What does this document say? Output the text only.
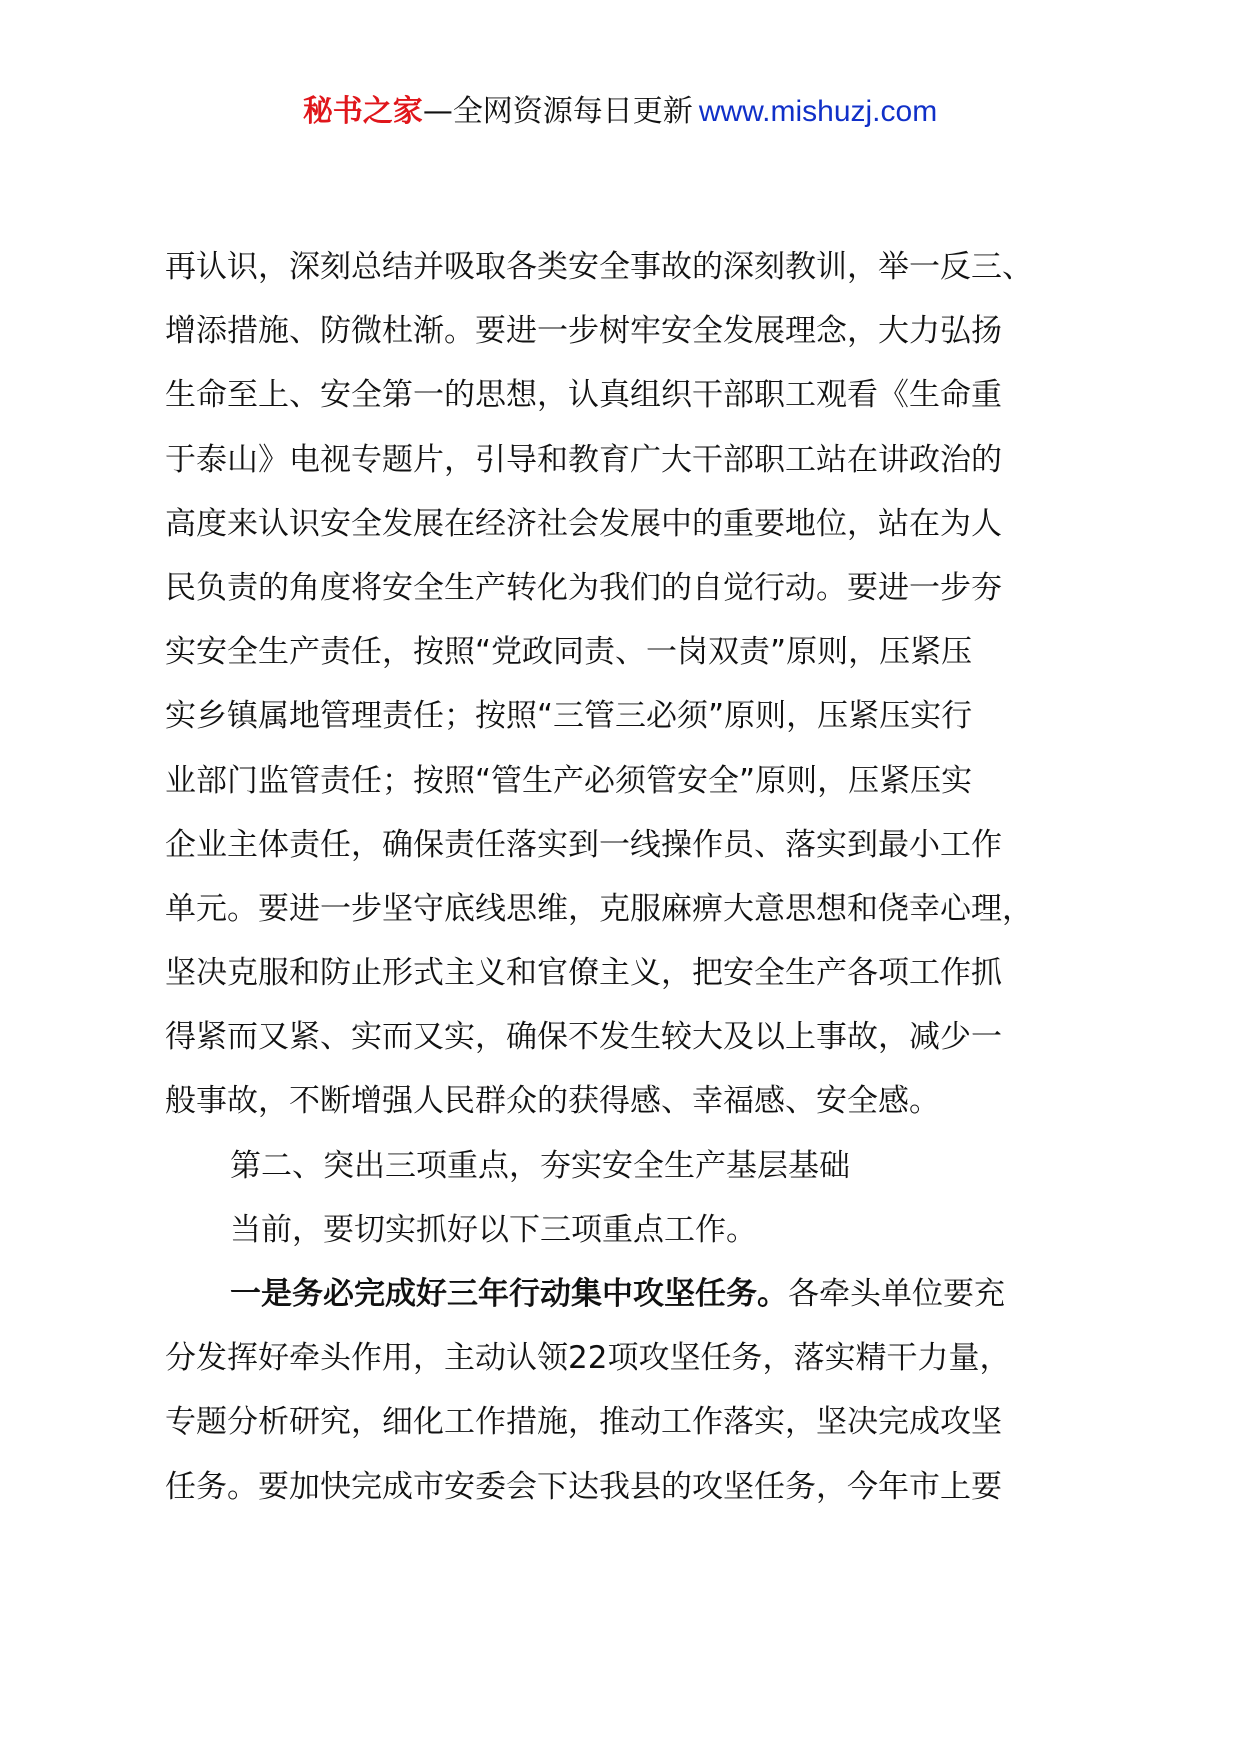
秘书之家—全网资源每日更新 www.mishuzj.com
再认识，深刻总结并吸取各类安全事故的深刻教训，举一反三、
增添措施、防微杜渐。要进一步树牢安全发展理念，大力弘扬
生命至上、安全第一的思想，认真组织干部职工观看《生命重
于泰山》电视专题片，引导和教育广大干部职工站在讲政治的
高度来认识安全发展在经济社会发展中的重要地位，站在为人
民负责的角度将安全生产转化为我们的自觉行动。要进一步夯
实安全生产责任，按照“党政同责、一岗双责”原则，压紧压
实乡镇属地管理责任；按照“三管三必须”原则，压紧压实行
业部门监管责任；按照“管生产必须管安全”原则，压紧压实
企业主体责任，确保责任落实到一线操作员、落实到最小工作
单元。要进一步坚守底线思维，克服麻痹大意思想和侥幸心理，
坚决克服和防止形式主义和官僚主义，把安全生产各项工作抓
得紧而又紧、实而又实，确保不发生较大及以上事故，减少一
般事故，不断增强人民群众的获得感、幸福感、安全感。
第二、突出三项重点，夯实安全生产基层基础
当前，要切实抓好以下三项重点工作。
一是务必完成好三年行动集中攻坚任务。各牵头单位要充
分发挥好牵头作用，主动认领22项攻坚任务，落实精干力量，
专题分析研究，细化工作措施，推动工作落实，坚决完成攻坚
任务。要加快完成市安委会下达我县的攻坚任务，今年市上要
